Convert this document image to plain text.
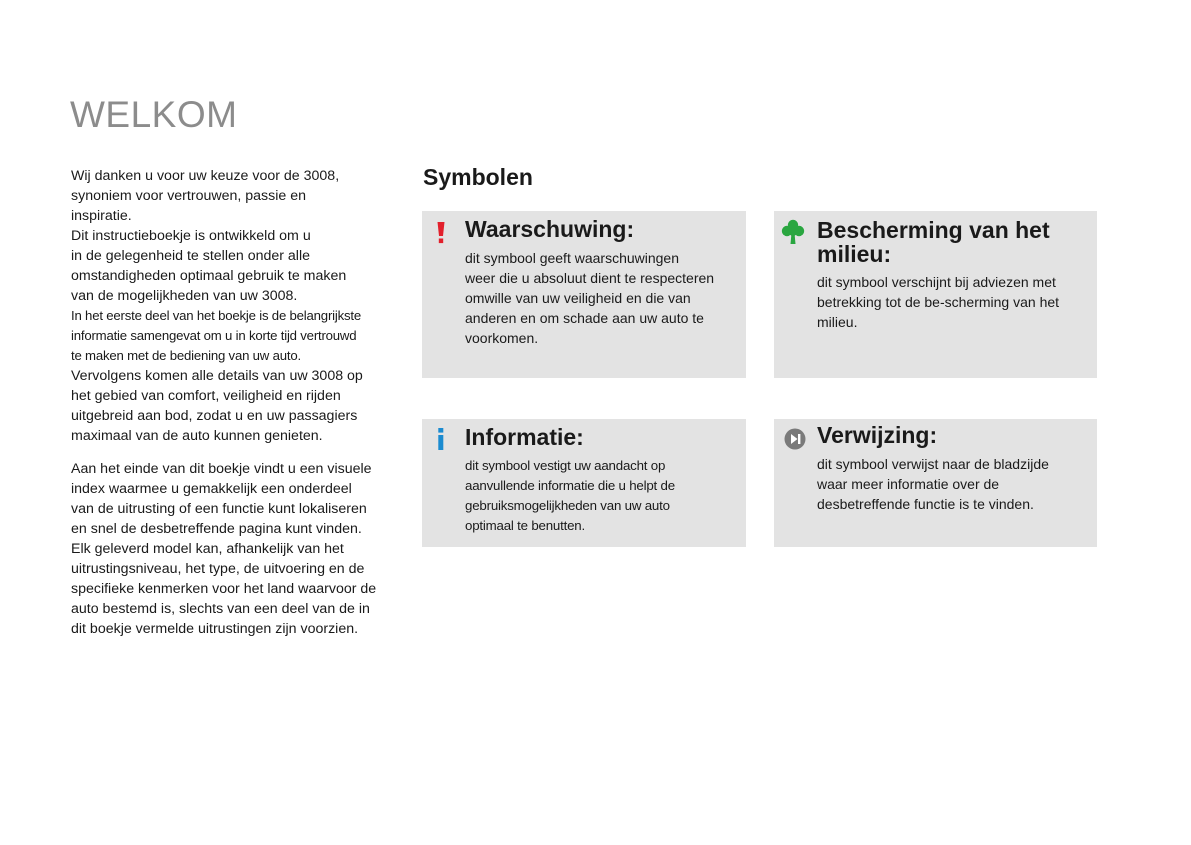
WELKOM
Wij danken u voor uw keuze voor de 3008,
synoniem voor vertrouwen, passie en
inspiratie.
Dit instructieboekje is ontwikkeld om u
in de gelegenheid te stellen onder alle
omstandigheden optimaal gebruik te maken
van de mogelijkheden van uw 3008.
In het eerste deel van het boekje is de belangrijkste
informatie samengevat om u in korte tijd vertrouwd
te maken met de bediening van uw auto.
Vervolgens komen alle details van uw 3008 op
het gebied van comfort, veiligheid en rijden
uitgebreid aan bod, zodat u en uw passagiers
maximaal van de auto kunnen genieten.
Aan het einde van dit boekje vindt u een visuele
index waarmee u gemakkelijk een onderdeel
van de uitrusting of een functie kunt lokaliseren
en snel de desbetreffende pagina kunt vinden.
Elk geleverd model kan, afhankelijk van het
uitrustingsniveau, het type, de uitvoering en de
specifieke kenmerken voor het land waarvoor de
auto bestemd is, slechts van een deel van de in
dit boekje vermelde uitrustingen zijn voorzien.
Symbolen
Waarschuwing:
dit symbool geeft waarschuwingen
weer die u absoluut dient te respecteren
omwille van uw veiligheid en die van
anderen en om schade aan uw auto te
voorkomen.
Bescherming van het
milieu:
dit symbool verschijnt bij adviezen met
betrekking tot de be-scherming van het
milieu.
Informatie:
dit symbool vestigt uw aandacht op
aanvullende informatie die u helpt de
gebruiksmogelijkheden van uw auto
optimaal te benutten.
Verwijzing:
dit symbool verwijst naar de bladzijde
waar meer informatie over de
desbetreffende functie is te vinden.
